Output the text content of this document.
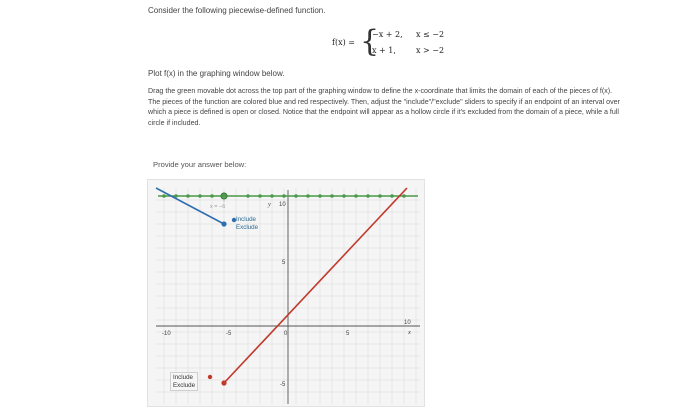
Consider the following piecewise-defined function.
f(x) = {
−x + 2, x ≤ −2
x + 1,	x > −2
Plot f(x) in the graphing window below.
Drag the green movable dot across the top part of the graphing window to define the x-coordinate that limits the domain of each of the pieces of f(x). The pieces of the function are colored blue and red respectively. Then, adjust the "include"/"exclude" sliders to specify if an endpoint of an interval over which a piece is defined is open or closed. Notice that the endpoint will appear as a hollow circle if it's excluded from the domain of a piece, while a full circle if included.
Provide your answer below:
-10	-5	0	5
10
x
10
5
-5
y
x = −6
Include
Exclude
Include
Exclude
